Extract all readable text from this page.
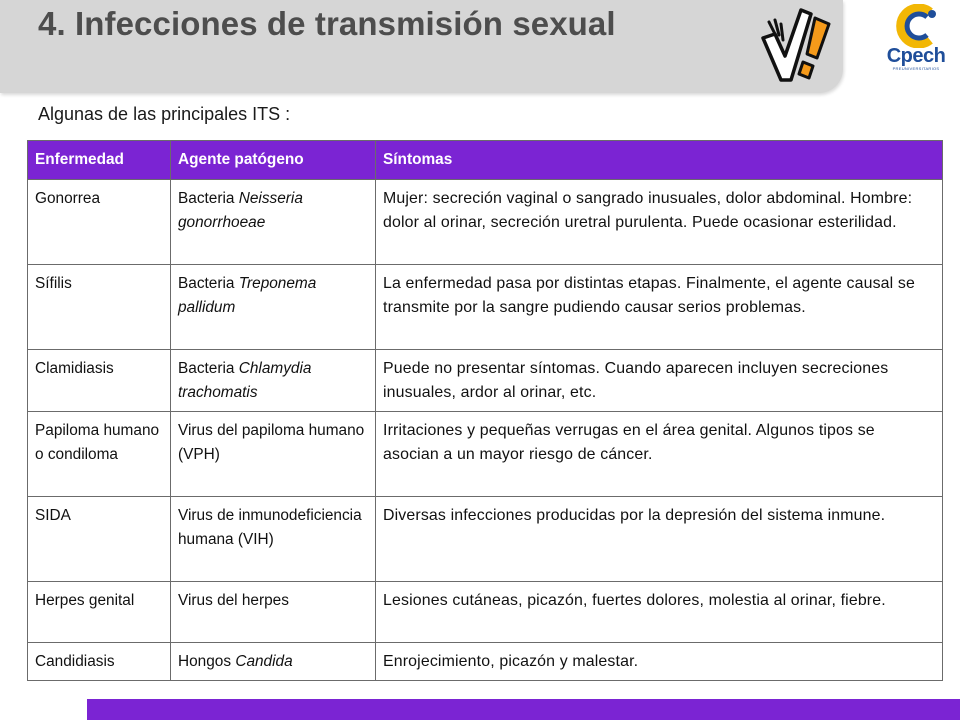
4. Infecciones de transmisión sexual
Cpech
PREUNIVERSITARIOS
Algunas de las principales ITS :
Enfermedad	Agente patógeno	Síntomas
Gonorrea	Bacteria Neisseria gonorrhoeae	Mujer: secreción vaginal o sangrado inusuales, dolor abdominal. Hombre: dolor al orinar, secreción uretral purulenta. Puede ocasionar esterilidad.
Sífilis	Bacteria Treponema pallidum	La enfermedad pasa por distintas etapas. Finalmente, el agente causal se transmite por la sangre pudiendo causar serios problemas.
Clamidiasis	Bacteria Chlamydia trachomatis	Puede no presentar síntomas. Cuando aparecen incluyen secreciones inusuales, ardor al orinar, etc.
Papiloma humano o condiloma	Virus del papiloma humano (VPH)	Irritaciones y pequeñas verrugas en el área genital. Algunos tipos se asocian a un mayor riesgo de cáncer.
SIDA	Virus de inmunodeficiencia humana (VIH)	Diversas infecciones producidas por la depresión del sistema inmune.
Herpes genital	Virus del herpes	Lesiones cutáneas, picazón, fuertes dolores, molestia al orinar, fiebre.
Candidiasis	Hongos Candida	Enrojecimiento, picazón y malestar.
